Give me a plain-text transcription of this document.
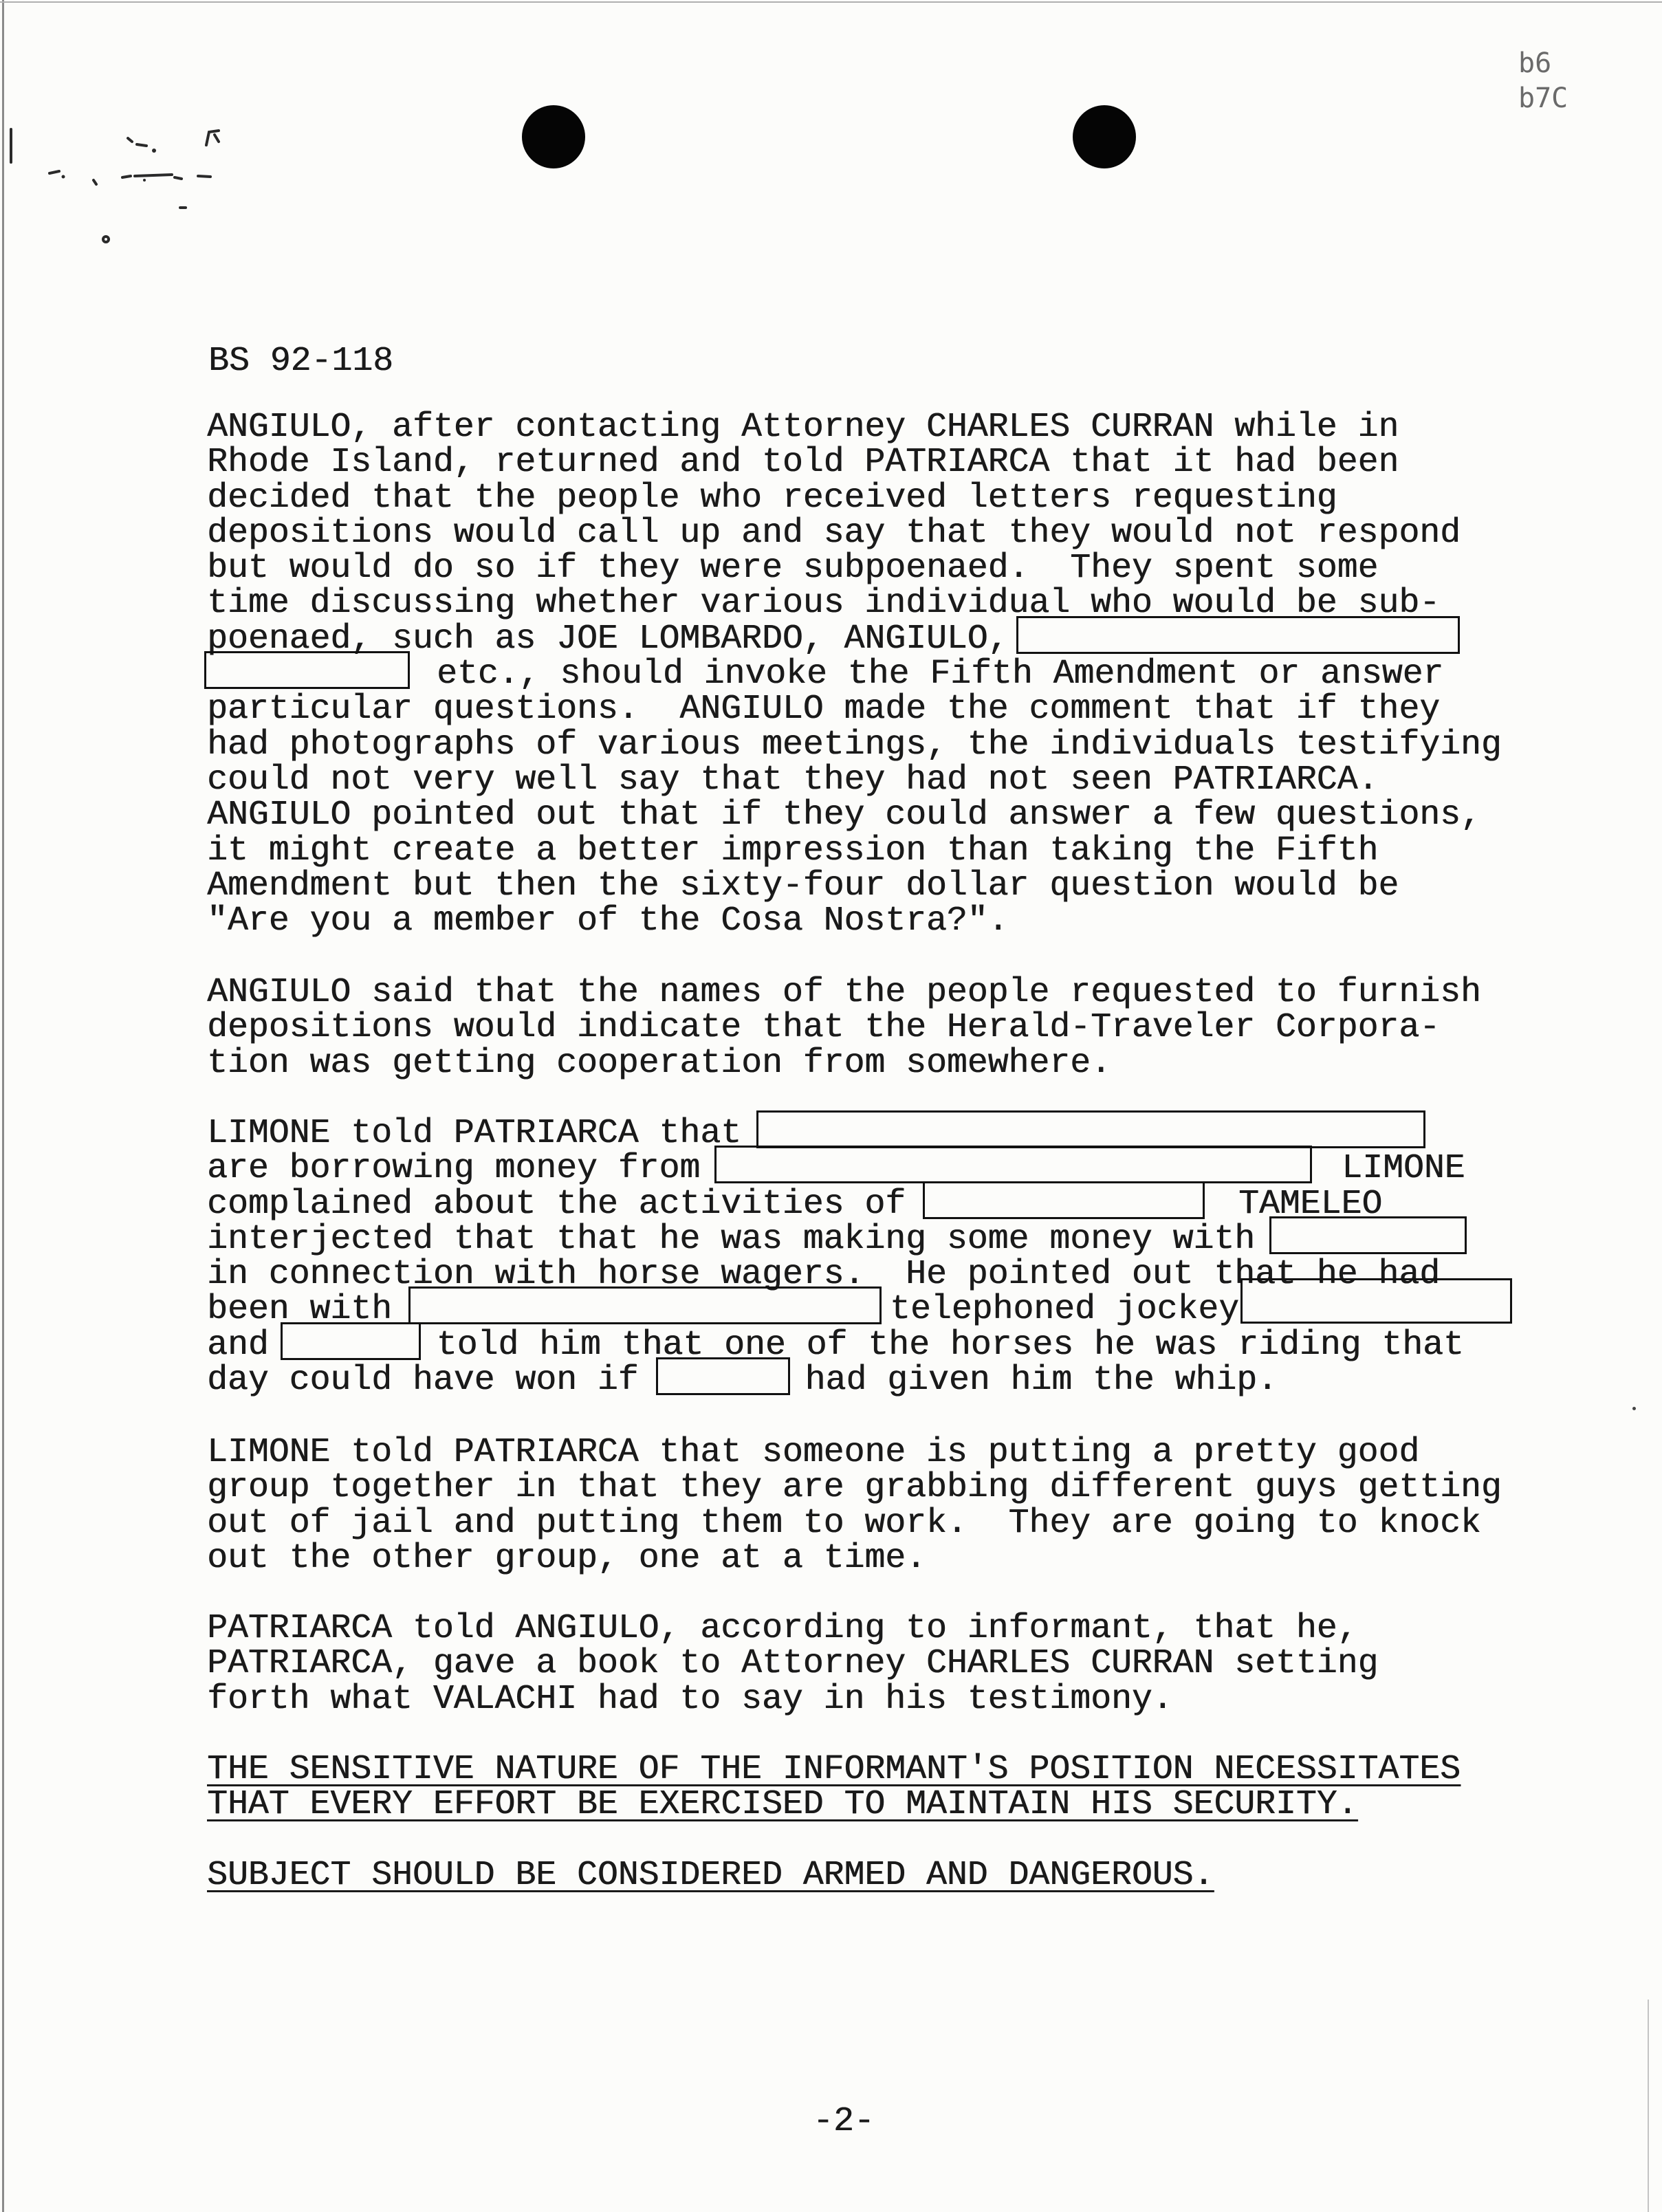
b6
b7C
BS 92-118
ANGIULO, after contacting Attorney CHARLES CURRAN while in
Rhode Island, returned and told PATRIARCA that it had been
decided that the people who received letters requesting
depositions would call up and say that they would not respond
but would do so if they were subpoenaed.  They spent some
time discussing whether various individual who would be sub-
poenaed, such as JOE LOMBARDO, ANGIULO,
etc., should invoke the Fifth Amendment or answer
particular questions.  ANGIULO made the comment that if they
had photographs of various meetings, the individuals testifying
could not very well say that they had not seen PATRIARCA.
ANGIULO pointed out that if they could answer a few questions,
it might create a better impression than taking the Fifth
Amendment but then the sixty-four dollar question would be
"Are you a member of the Cosa Nostra?".
ANGIULO said that the names of the people requested to furnish
depositions would indicate that the Herald-Traveler Corpora-
tion was getting cooperation from somewhere.
LIMONE told PATRIARCA that
are borrowing money from	LIMONE
complained about the activities of	TAMELEO
interjected that that he was making some money with
in connection with horse wagers.  He pointed out that he had
been with	telephoned jockey
and	told him that one of the horses he was riding that
day could have won if	had given him the whip.
LIMONE told PATRIARCA that someone is putting a pretty good
group together in that they are grabbing different guys getting
out of jail and putting them to work.  They are going to knock
out the other group, one at a time.
PATRIARCA told ANGIULO, according to informant, that he,
PATRIARCA, gave a book to Attorney CHARLES CURRAN setting
forth what VALACHI had to say in his testimony.
THE SENSITIVE NATURE OF THE INFORMANT'S POSITION NECESSITATES
THAT EVERY EFFORT BE EXERCISED TO MAINTAIN HIS SECURITY.
SUBJECT SHOULD BE CONSIDERED ARMED AND DANGEROUS.
-2-
